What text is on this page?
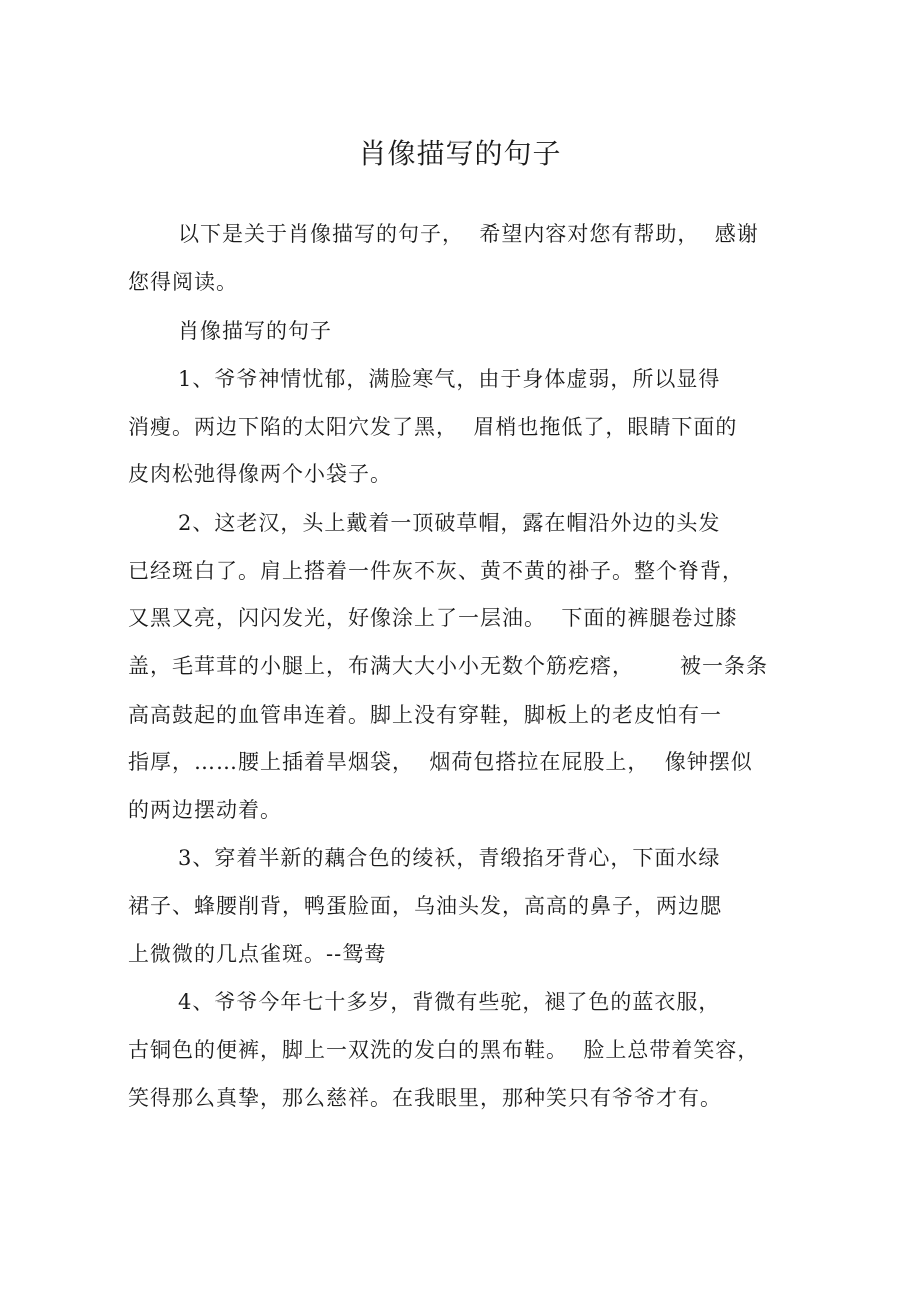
肖像描写的句子
以下是关于肖像描写的句子，  希望内容对您有帮助，  感谢
您得阅读。
肖像描写的句子
1、爷爷神情忧郁，满脸寒气，由于身体虚弱，所以显得
消瘦。两边下陷的太阳穴发了黑，  眉梢也拖低了，眼睛下面的
皮肉松弛得像两个小袋子。
2、这老汉，头上戴着一顶破草帽，露在帽沿外边的头发
已经斑白了。肩上搭着一件灰不灰、黄不黄的褂子。整个脊背，
又黑又亮，闪闪发光，好像涂上了一层油。  下面的裤腿卷过膝
盖，毛茸茸的小腿上，布满大大小小无数个筋疙瘩，      被一条条
高高鼓起的血管串连着。脚上没有穿鞋，脚板上的老皮怕有一
指厚，……腰上插着旱烟袋，  烟荷包搭拉在屁股上，  像钟摆似
的两边摆动着。
3、穿着半新的藕合色的绫袄，青缎掐牙背心，下面水绿
裙子、蜂腰削背，鸭蛋脸面，乌油头发，高高的鼻子，两边腮
上微微的几点雀斑。--鸳鸯
4、爷爷今年七十多岁，背微有些驼，褪了色的蓝衣服，
古铜色的便裤，脚上一双洗的发白的黑布鞋。  脸上总带着笑容，
笑得那么真挚，那么慈祥。在我眼里，那种笑只有爷爷才有。
